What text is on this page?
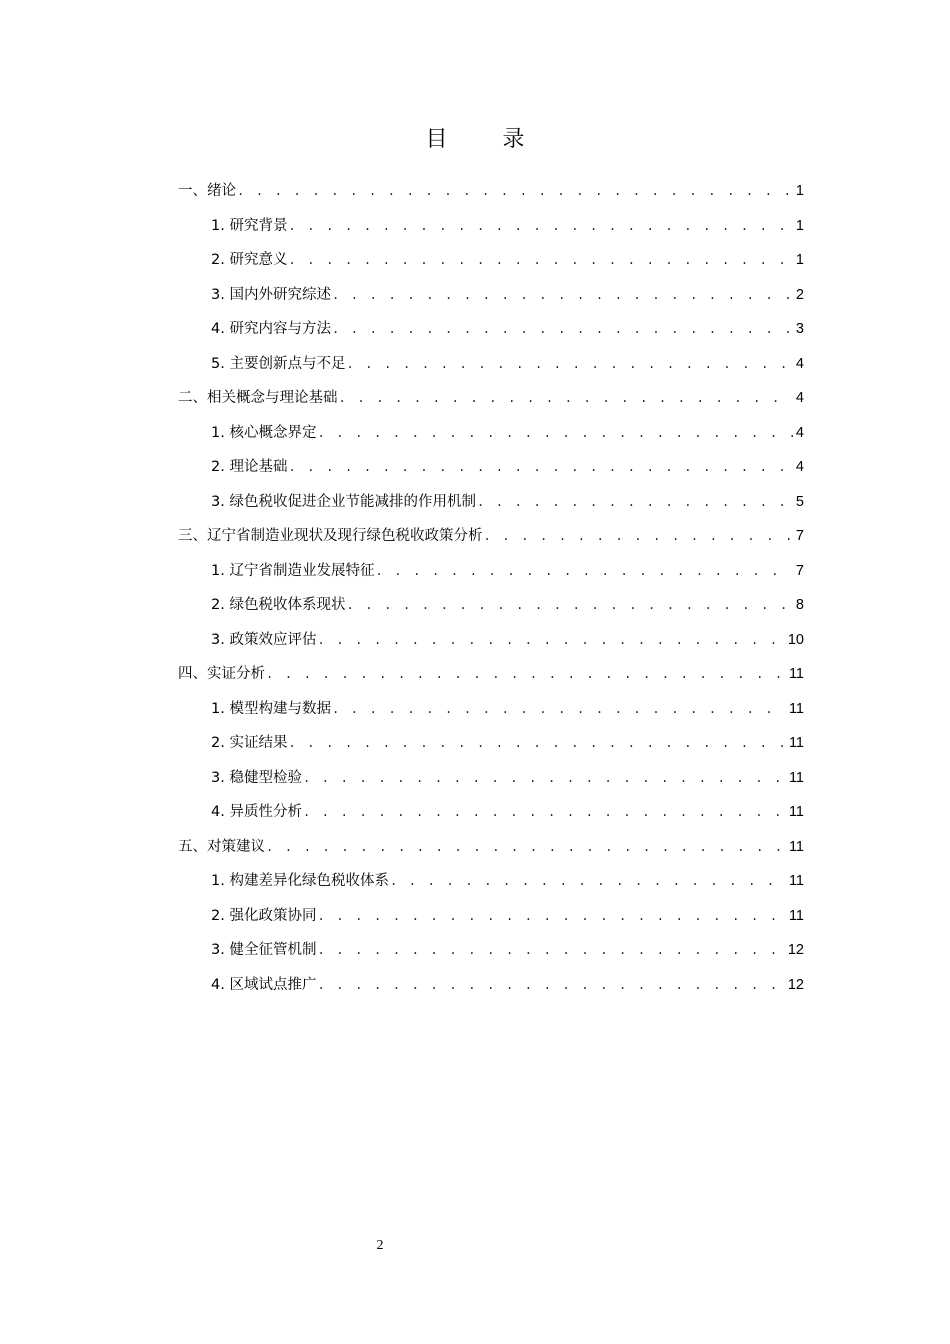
目 录
一、绪论 . . .	1
1. 研究背景 . . .	1
2. 研究意义 . . .	1
3. 国内外研究综述 . . .	2
4. 研究内容与方法 . . .	3
5. 主要创新点与不足 . . .	4
二、相关概念与理论基础 . . .	4
1. 核心概念界定 . . .	4
2. 理论基础 . . .	4
3. 绿色税收促进企业节能减排的作用机制 . . .	5
三、辽宁省制造业现状及现行绿色税收政策分析 . . .	7
1. 辽宁省制造业发展特征 . . .	7
2. 绿色税收体系现状 . . .	8
3. 政策效应评估 . . .	10
四、实证分析 . . .	11
1. 模型构建与数据 . . .	11
2. 实证结果 . . .	11
3. 稳健型检验 . . .	11
4. 异质性分析 . . .	11
五、对策建议 . . .	11
1. 构建差异化绿色税收体系 . . .	11
2. 强化政策协同 . . .	11
3. 健全征管机制 . . .	12
4. 区域试点推广 . . .	12
2
